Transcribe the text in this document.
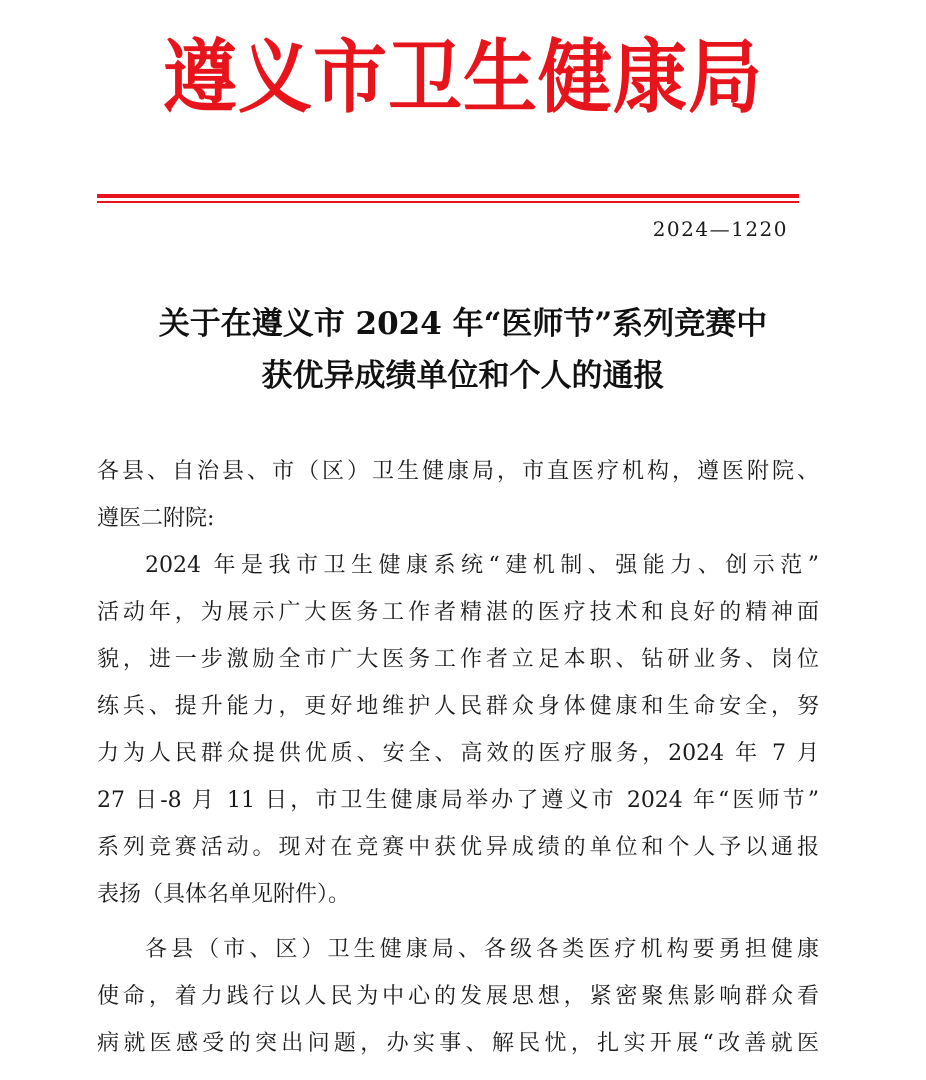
遵义市卫生健康局
2024—1220
关于在遵义市 2024 年“医师节”系列竞赛中
获优异成绩单位和个人的通报
各县、自治县、市（区）卫生健康局，市直医疗机构，遵医附院、
遵医二附院:
2024 年是我市卫生健康系统“建机制、强能力、创示范”
活动年，为展示广大医务工作者精湛的医疗技术和良好的精神面
貌，进一步激励全市广大医务工作者立足本职、钻研业务、岗位
练兵、提升能力，更好地维护人民群众身体健康和生命安全，努
力为人民群众提供优质、安全、高效的医疗服务，2024 年 7 月
27 日-8 月 11 日，市卫生健康局举办了遵义市 2024 年“医师节”
系列竞赛活动。现对在竞赛中获优异成绩的单位和个人予以通报
表扬（具体名单见附件）。
各县（市、区）卫生健康局、各级各类医疗机构要勇担健康
使命，着力践行以人民为中心的发展思想，紧密聚焦影响群众看
病就医感受的突出问题，办实事、解民忧，扎实开展“改善就医
